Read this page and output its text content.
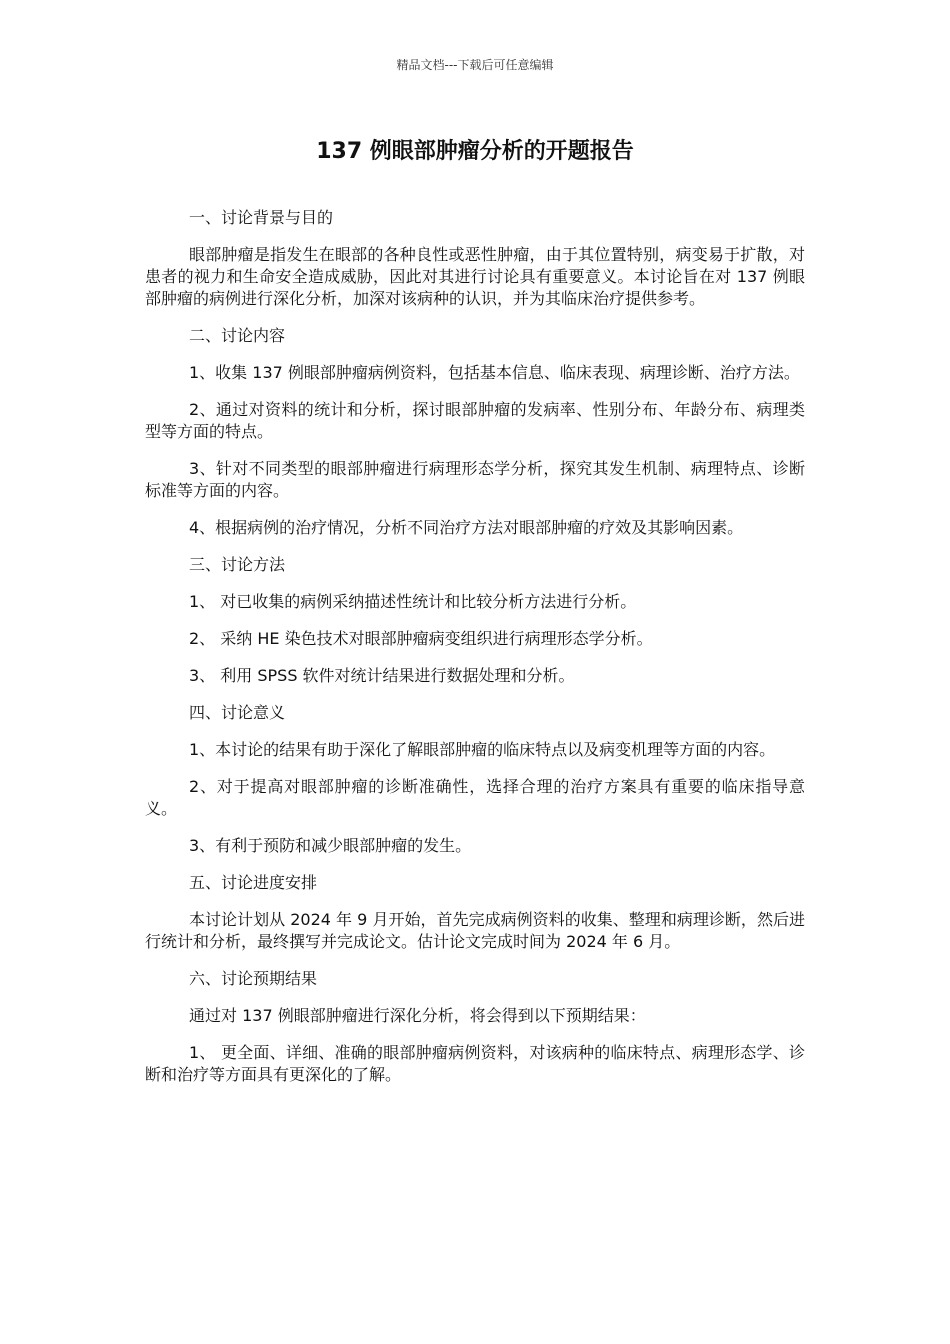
精品文档---下载后可任意编辑
137 例眼部肿瘤分析的开题报告

一、讨论背景与目的

眼部肿瘤是指发生在眼部的各种良性或恶性肿瘤，由于其位置特别，病变易于扩散，对患者的视力和生命安全造成威胁，因此对其进行讨论具有重要意义。本讨论旨在对 137 例眼部肿瘤的病例进行深化分析，加深对该病种的认识，并为其临床治疗提供参考。

二、讨论内容

1、收集 137 例眼部肿瘤病例资料，包括基本信息、临床表现、病理诊断、治疗方法。

2、通过对资料的统计和分析，探讨眼部肿瘤的发病率、性别分布、年龄分布、病理类型等方面的特点。

3、针对不同类型的眼部肿瘤进行病理形态学分析，探究其发生机制、病理特点、诊断标准等方面的内容。

4、根据病例的治疗情况，分析不同治疗方法对眼部肿瘤的疗效及其影响因素。

三、讨论方法

1、 对已收集的病例采纳描述性统计和比较分析方法进行分析。

2、 采纳 HE 染色技术对眼部肿瘤病变组织进行病理形态学分析。

3、 利用 SPSS 软件对统计结果进行数据处理和分析。

四、讨论意义

1、本讨论的结果有助于深化了解眼部肿瘤的临床特点以及病变机理等方面的内容。

2、对于提高对眼部肿瘤的诊断准确性，选择合理的治疗方案具有重要的临床指导意义。

3、有利于预防和减少眼部肿瘤的发生。

五、讨论进度安排

本讨论计划从 2024 年 9 月开始，首先完成病例资料的收集、整理和病理诊断，然后进行统计和分析，最终撰写并完成论文。估计论文完成时间为 2024 年 6 月。

六、讨论预期结果

通过对 137 例眼部肿瘤进行深化分析，将会得到以下预期结果：

1、 更全面、详细、准确的眼部肿瘤病例资料，对该病种的临床特点、病理形态学、诊断和治疗等方面具有更深化的了解。
